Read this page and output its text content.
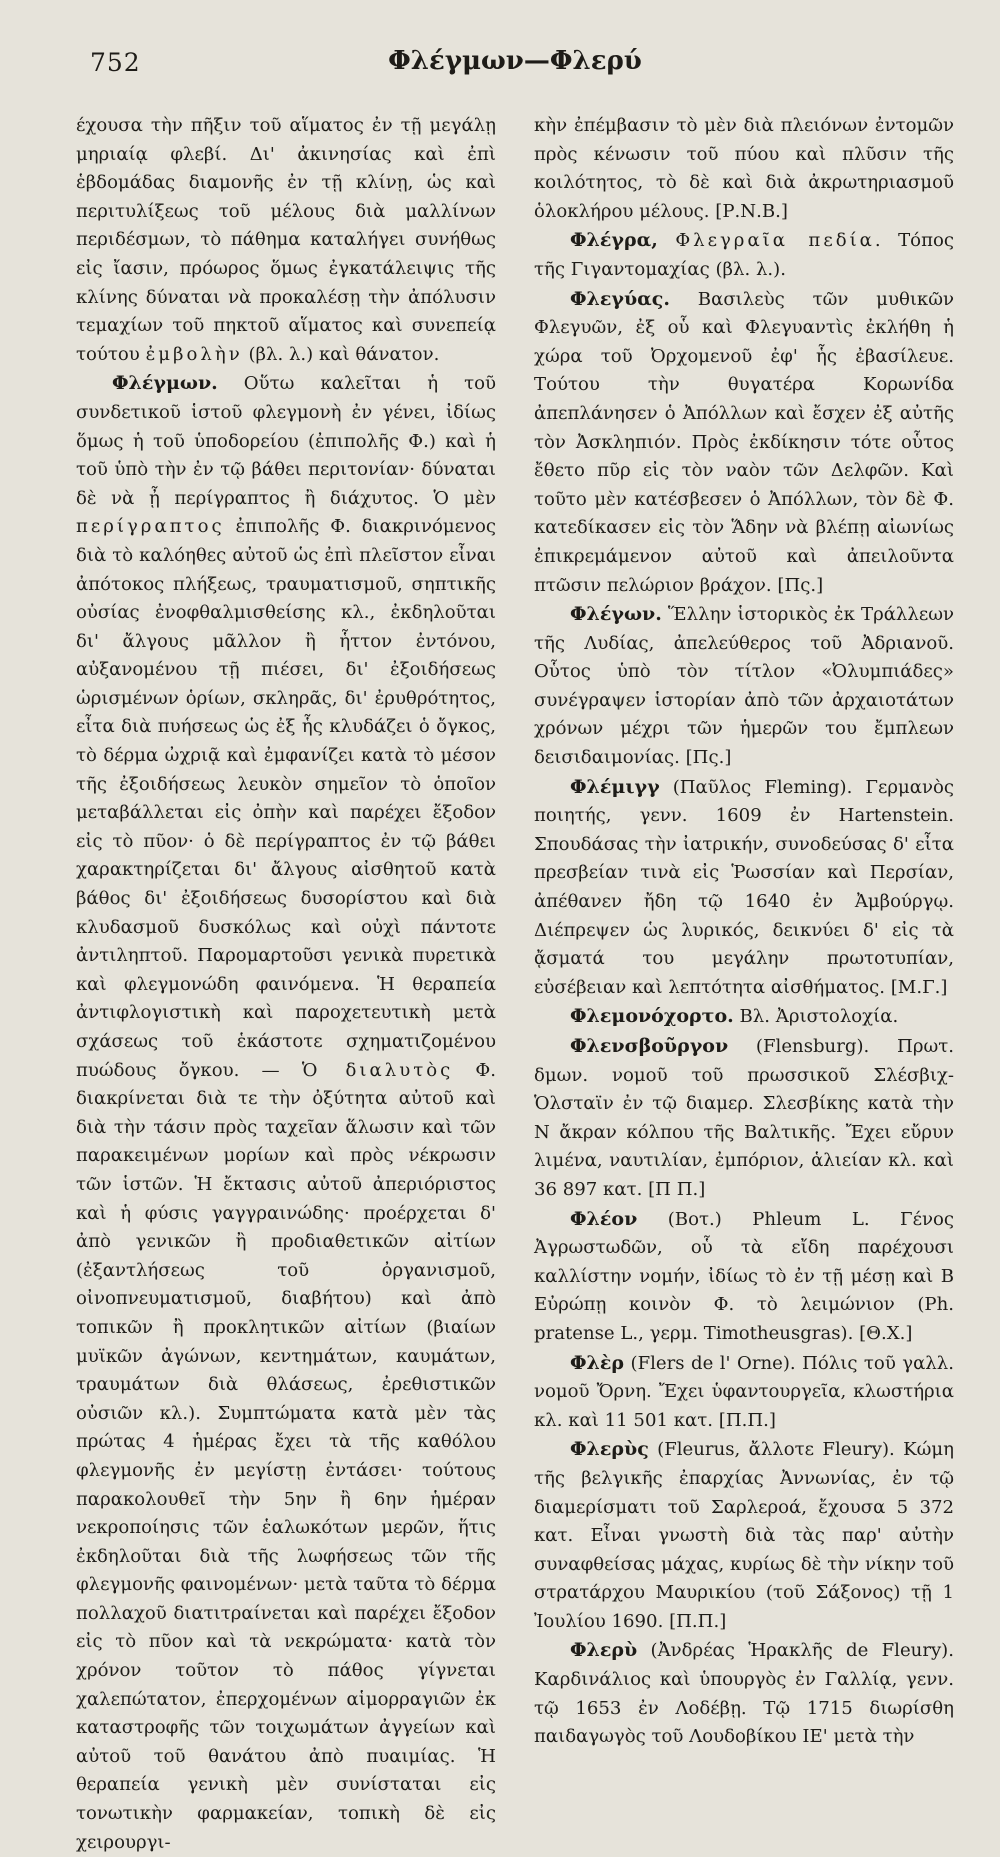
752	Φλέγμων—Φλερύ

έχουσα τὴν πῆξιν τοῦ αἵματος ἐν τῇ μεγάλῃ μηριαίᾳ φλεβί. Δι' ἀκινησίας καὶ ἐπὶ ἑβδομάδας διαμονῆς ἐν τῇ κλίνῃ, ὡς καὶ περιτυλίξεως τοῦ μέλους διὰ μαλλίνων περιδέσμων, τὸ πάθημα καταλήγει συνήθως εἰς ἴασιν, πρόωρος ὅμως ἐγκατάλειψις τῆς κλίνης δύναται νὰ προκαλέσῃ τὴν ἀπόλυσιν τεμαχίων τοῦ πηκτοῦ αἵματος καὶ συνεπείᾳ τούτου ἐμβολὴν (βλ. λ.) καὶ θάνατον.

Φλέγμων. Οὕτω καλεῖται ἡ τοῦ συνδετικοῦ ἱστοῦ φλεγμονὴ ἐν γένει, ἰδίως ὅμως ἡ τοῦ ὑποδορείου (ἐπιπολῆς Φ.) καὶ ἡ τοῦ ὑπὸ τὴν ἐν τῷ βάθει περιτονίαν· δύναται δὲ νὰ ᾖ περίγραπτος ἢ διάχυτος. Ὁ μὲν περίγραπτος ἐπιπολῆς Φ. διακρινόμενος διὰ τὸ καλόηθες αὐτοῦ ὡς ἐπὶ πλεῖστον εἶναι ἀπότοκος πλήξεως, τραυματισμοῦ, σηπτικῆς οὐσίας ἐνοφθαλμισθείσης κλ., ἐκδηλοῦται δι' ἄλγους μᾶλλον ἢ ἧττον ἐντόνου, αὐξανομένου τῇ πιέσει, δι' ἐξοιδήσεως ὡρισμένων ὁρίων, σκληρᾶς, δι' ἐρυθρότητος, εἶτα διὰ πυήσεως ὡς ἐξ ἧς κλυδάζει ὁ ὄγκος, τὸ δέρμα ὠχριᾷ καὶ ἐμφανίζει κατὰ τὸ μέσον τῆς ἐξοιδήσεως λευκὸν σημεῖον τὸ ὁποῖον μεταβάλλεται εἰς ὀπὴν καὶ παρέχει ἔξοδον εἰς τὸ πῦον· ὁ δὲ περίγραπτος ἐν τῷ βάθει χαρακτηρίζεται δι' ἄλγους αἰσθητοῦ κατὰ βάθος δι' ἐξοιδήσεως δυσορίστου καὶ διὰ κλυδασμοῦ δυσκόλως καὶ οὐχὶ πάντοτε ἀντιληπτοῦ. Παρομαρτοῦσι γενικὰ πυρετικὰ καὶ φλεγμονώδη φαινόμενα. Ἡ θεραπεία ἀντιφλογιστικὴ καὶ παροχετευτικὴ μετὰ σχάσεως τοῦ ἑκάστοτε σχηματιζομένου πυώδους ὄγκου. — Ὁ διαλυτὸς Φ. διακρίνεται διὰ τε τὴν ὀξύτητα αὐτοῦ καὶ διὰ τὴν τάσιν πρὸς ταχεῖαν ἅλωσιν καὶ τῶν παρακειμένων μορίων καὶ πρὸς νέκρωσιν τῶν ἱστῶν. Ἡ ἔκτασις αὐτοῦ ἀπεριόριστος καὶ ἡ φύσις γαγγραινώδης· προέρχεται δ' ἀπὸ γενικῶν ἢ προδιαθετικῶν αἰτίων (ἐξαντλήσεως τοῦ ὀργανισμοῦ, οἰνοπνευματισμοῦ, διαβήτου) καὶ ἀπὸ τοπικῶν ἢ προκλητικῶν αἰτίων (βιαίων μυϊκῶν ἀγώνων, κεντημάτων, καυμάτων, τραυμάτων διὰ θλάσεως, ἐρεθιστικῶν οὐσιῶν κλ.). Συμπτώματα κατὰ μὲν τὰς πρώτας 4 ἡμέρας ἔχει τὰ τῆς καθόλου φλεγμονῆς ἐν μεγίστῃ ἐντάσει· τούτους παρακολουθεῖ τὴν 5ην ἢ 6ην ἡμέραν νεκροποίησις τῶν ἑαλωκότων μερῶν, ἥτις ἐκδηλοῦται διὰ τῆς λωφήσεως τῶν τῆς φλεγμονῆς φαινομένων· μετὰ ταῦτα τὸ δέρμα πολλαχοῦ διατιτραίνεται καὶ παρέχει ἔξοδον εἰς τὸ πῦον καὶ τὰ νεκρώματα· κατὰ τὸν χρόνον τοῦτον τὸ πάθος γίγνεται χαλεπώτατον, ἐπερχομένων αἱμορραγιῶν ἐκ καταστροφῆς τῶν τοιχωμάτων ἀγγείων καὶ αὐτοῦ τοῦ θανάτου ἀπὸ πυαιμίας. Ἡ θεραπεία γενικὴ μὲν συνίσταται εἰς τονωτικὴν φαρμακείαν, τοπικὴ δὲ εἰς χειρουργι-

κὴν ἐπέμβασιν τὸ μὲν διὰ πλειόνων ἐντομῶν πρὸς κένωσιν τοῦ πύου καὶ πλῦσιν τῆς κοιλότητος, τὸ δὲ καὶ διὰ ἀκρωτηριασμοῦ ὁλοκλήρου μέλους. [Ρ.Ν.Β.]

Φλέγρα, Φλεγραῖα πεδία. Τόπος τῆς Γιγαντομαχίας (βλ. λ.).

Φλεγύας. Βασιλεὺς τῶν μυθικῶν Φλεγυῶν, ἐξ οὗ καὶ Φλεγυαντὶς ἐκλήθη ἡ χώρα τοῦ Ὀρχομενοῦ ἐφ' ἧς ἐβασίλευε. Τούτου τὴν θυγατέρα Κορωνίδα ἀπεπλάνησεν ὁ Ἀπόλλων καὶ ἔσχεν ἐξ αὐτῆς τὸν Ἀσκληπιόν. Πρὸς ἐκδίκησιν τότε οὗτος ἔθετο πῦρ εἰς τὸν ναὸν τῶν Δελφῶν. Καὶ τοῦτο μὲν κατέσβεσεν ὁ Ἀπόλλων, τὸν δὲ Φ. κατεδίκασεν εἰς τὸν Ἅδην νὰ βλέπῃ αἰωνίως ἐπικρεμάμενον αὐτοῦ καὶ ἀπειλοῦντα πτῶσιν πελώριον βράχον. [Πς.]

Φλέγων. Ἕλλην ἱστορικὸς ἐκ Τράλλεων τῆς Λυδίας, ἀπελεύθερος τοῦ Ἀδριανοῦ. Οὗτος ὑπὸ τὸν τίτλον «Ὀλυμπιάδες» συνέγραψεν ἱστορίαν ἀπὸ τῶν ἀρχαιοτάτων χρόνων μέχρι τῶν ἡμερῶν του ἔμπλεων δεισιδαιμονίας. [Πς.]

Φλέμιγγ (Παῦλος Fleming). Γερμανὸς ποιητής, γενν. 1609 ἐν Hartenstein. Σπουδάσας τὴν ἰατρικήν, συνοδεύσας δ' εἶτα πρεσβείαν τινὰ εἰς Ῥωσσίαν καὶ Περσίαν, ἀπέθανεν ἤδη τῷ 1640 ἐν Ἀμβούργῳ. Διέπρεψεν ὡς λυρικός, δεικνύει δ' εἰς τὰ ᾄσματά του μεγάλην πρωτοτυπίαν, εὐσέβειαν καὶ λεπτότητα αἰσθήματος. [Μ.Γ.]

Φλεμονόχορτο. Βλ. Ἀριστολοχία.

Φλενσβοῦργον (Flensburg). Πρωτ. δμων. νομοῦ τοῦ πρωσσικοῦ Σλέσβιχ-Ὁλσταϊν ἐν τῷ διαμερ. Σλεσβίκης κατὰ τὴν Ν ἄκραν κόλπου τῆς Βαλτικῆς. Ἔχει εὔρυν λιμένα, ναυτιλίαν, ἐμπόριον, ἁλιείαν κλ. καὶ 36 897 κατ. [Π Π.]

Φλέον (Βοτ.) Phleum L. Γένος Ἀγρωστωδῶν, οὗ τὰ εἴδη παρέχουσι καλλίστην νομήν, ἰδίως τὸ ἐν τῇ μέσῃ καὶ Β Εὐρώπῃ κοινὸν Φ. τὸ λειμώνιον (Ph. pratense L., γερμ. Timotheusgras). [Θ.Χ.]

Φλὲρ (Flers de l' Orne). Πόλις τοῦ γαλλ. νομοῦ Ὄρνη. Ἔχει ὑφαντουργεῖα, κλωστήρια κλ. καὶ 11 501 κατ. [Π.Π.]

Φλερὺς (Fleurus, ἄλλοτε Fleury). Κώμη τῆς βελγικῆς ἐπαρχίας Ἀννωνίας, ἐν τῷ διαμερίσματι τοῦ Σαρλεροά, ἔχουσα 5 372 κατ. Εἶναι γνωστὴ διὰ τὰς παρ' αὐτὴν συναφθείσας μάχας, κυρίως δὲ τὴν νίκην τοῦ στρατάρχου Μαυρικίου (τοῦ Σάξονος) τῇ 1 Ἰουλίου 1690. [Π.Π.]

Φλερὺ (Ἀνδρέας Ἡρακλῆς de Fleury). Καρδινάλιος καὶ ὑπουργὸς ἐν Γαλλίᾳ, γενν. τῷ 1653 ἐν Λοδέβῃ. Τῷ 1715 διωρίσθη παιδαγωγὸς τοῦ Λουδοβίκου ΙΕ' μετὰ τὴν
